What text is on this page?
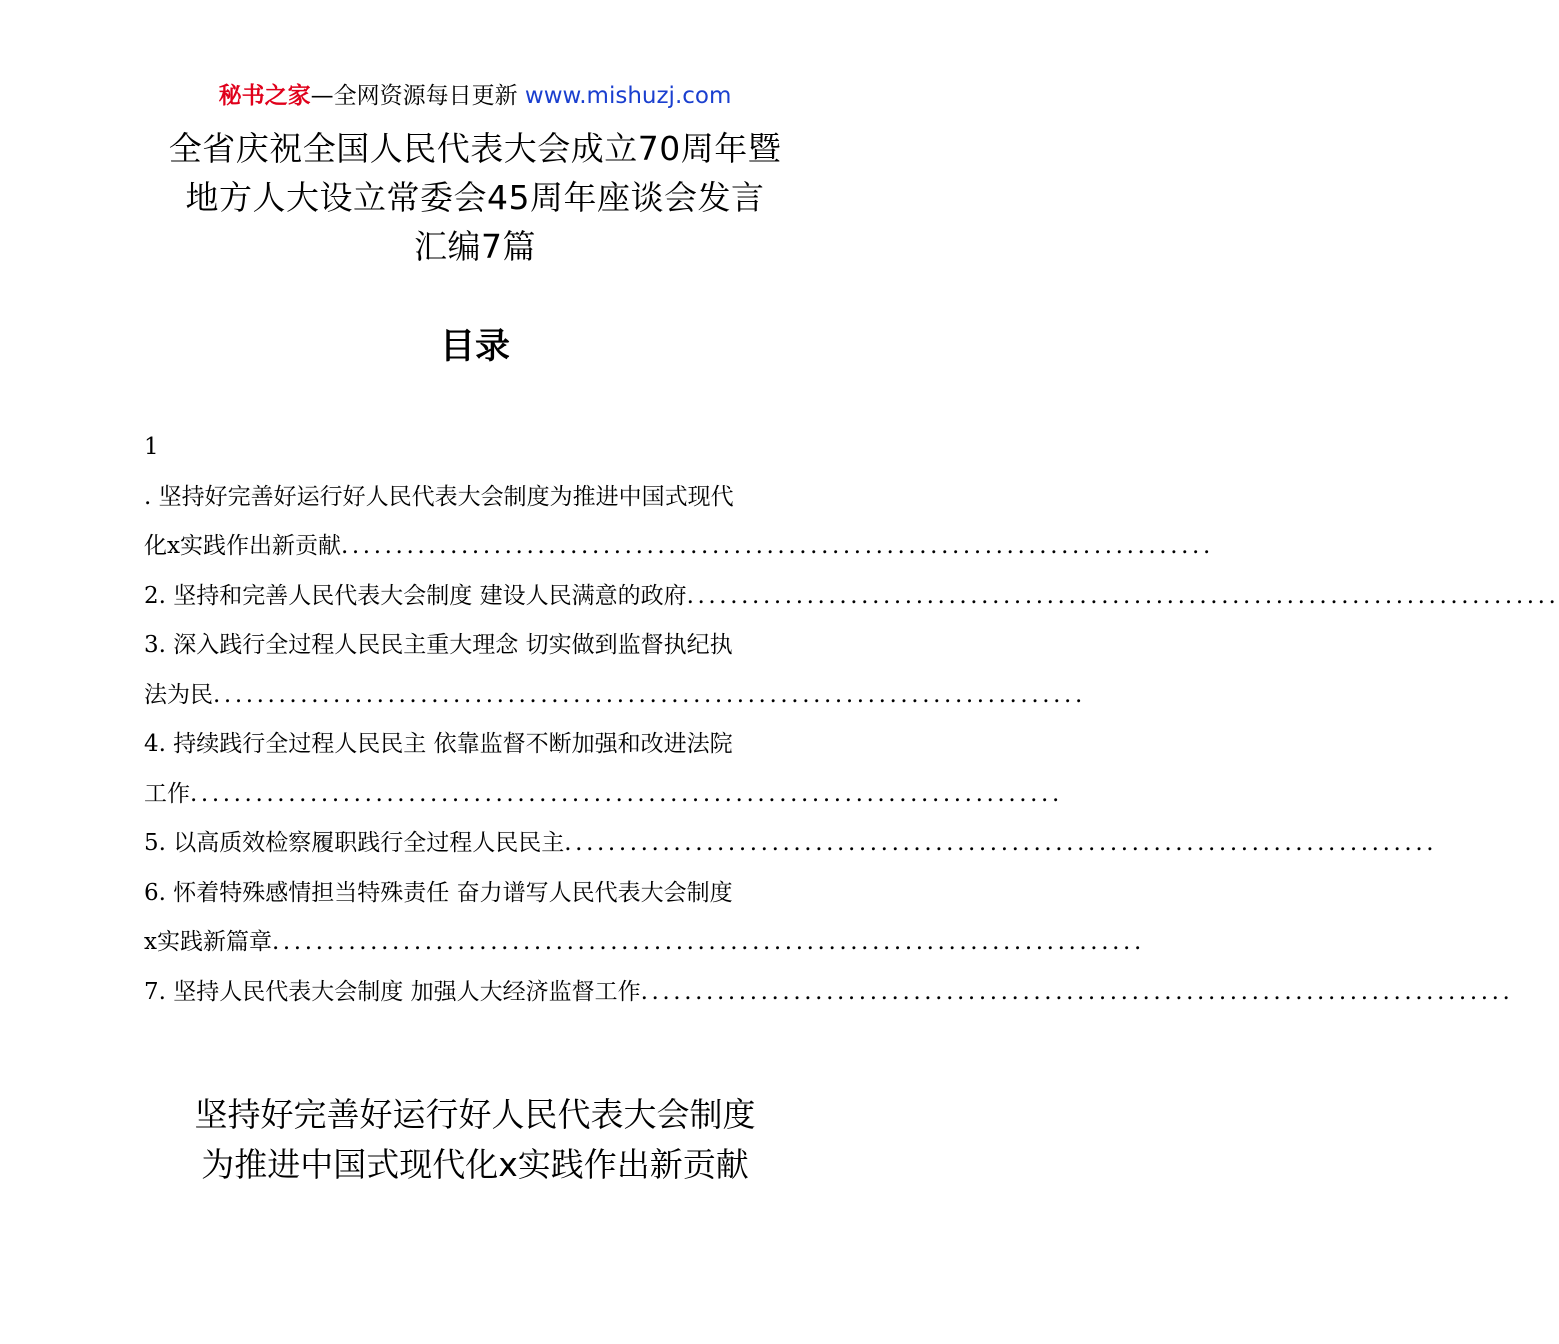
秘书之家—全网资源每日更新 www.mishuzj.com
全省庆祝全国人民代表大会成立70周年暨
地方人大设立常委会45周年座谈会发言
汇编7篇
目录
1
. 坚持好完善好运行好人民代表大会制度为推进中国式现代
化x实践作出新贡献 ................................................................................
2. 坚持和完善人民代表大会制度 建设人民满意的政府 ................................................................................
3. 深入践行全过程人民民主重大理念 切实做到监督执纪执
法为民 ................................................................................
4. 持续践行全过程人民民主 依靠监督不断加强和改进法院
工作 ................................................................................
5. 以高质效检察履职践行全过程人民民主 ................................................................................
6. 怀着特殊感情担当特殊责任 奋力谱写人民代表大会制度
x实践新篇章 ................................................................................
7. 坚持人民代表大会制度 加强人大经济监督工作 ................................................................................
坚持好完善好运行好人民代表大会制度
为推进中国式现代化x实践作出新贡献
